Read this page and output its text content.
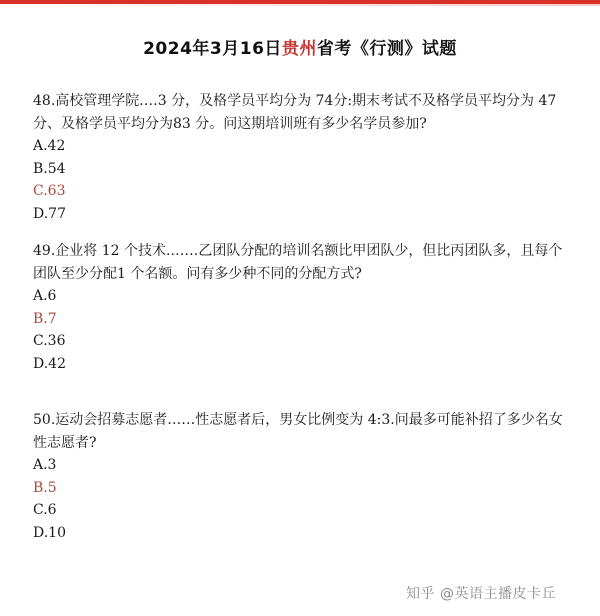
2024年3月16日贵州省考《行测》试题

48.高校管理学院.…3 分，及格学员平均分为 74分:期末考试不及格学员平均分为 47 分、及格学员平均分为83 分。问这期培训班有多少名学员参加?

A.42

B.54

C.63

D.77

49.企业将 12 个技术.……乙团队分配的培训名额比甲团队少，但比丙团队多，且每个团队至少分配1 个名额。问有多少种不同的分配方式?

A.6

B.7

C.36

D.42

50.运动会招募志愿者……性志愿者后，男女比例变为 4:3.问最多可能补招了多少名女性志愿者?

A.3

B.5

C.6

D.10

知乎 @英语主播皮卡丘
